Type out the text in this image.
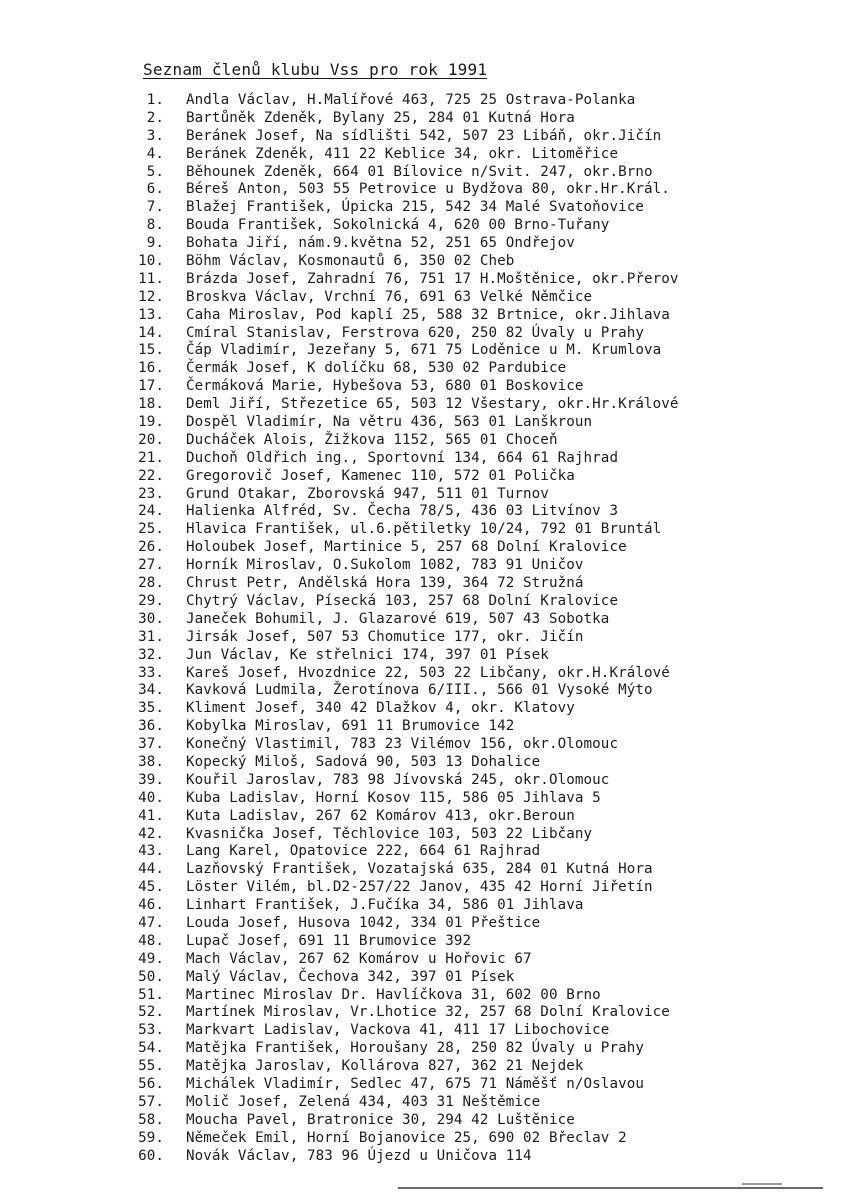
Seznam členů klubu Vss pro rok 1991
1. Andla Václav, H.Malířové 463, 725 25 Ostrava-Polanka
2. Bartůněk Zdeněk, Bylany 25, 284 01 Kutná Hora
3. Beránek Josef, Na sídlišti 542, 507 23 Libáň, okr.Jičín
4. Beránek Zdeněk, 411 22 Keblice 34, okr. Litoměřice
5. Běhounek Zdeněk, 664 01 Bílovice n/Svit. 247, okr.Brno
6. Béreš Anton, 503 55 Petrovice u Bydžova 80, okr.Hr.Král.
7. Blažej František, Úpicka 215, 542 34 Malé Svatoňovice
8. Bouda František, Sokolnická 4, 620 00 Brno-Tuřany
9. Bohata Jiří, nám.9.května 52, 251 65 Ondřejov
10. Böhm Václav, Kosmonautů 6, 350 02 Cheb
11. Brázda Josef, Zahradní 76, 751 17 H.Moštěnice, okr.Přerov
12. Broskva Václav, Vrchní 76, 691 63 Velké Němčice
13. Caha Miroslav, Pod kaplí 25, 588 32 Brtnice, okr.Jihlava
14. Cmíral Stanislav, Ferstrova 620, 250 82 Úvaly u Prahy
15. Čáp Vladimír, Jezeřany 5, 671 75 Loděnice u M. Krumlova
16. Čermák Josef, K dolíčku 68, 530 02 Pardubice
17. Čermáková Marie, Hybešova 53, 680 01 Boskovice
18. Deml Jiří, Střezetice 65, 503 12 Všestary, okr.Hr.Králové
19. Dospěl Vladimír, Na větru 436, 563 01 Lanškroun
20. Ducháček Alois, Žižkova 1152, 565 01 Choceň
21. Duchoň Oldřich ing., Sportovní 134, 664 61 Rajhrad
22. Gregorovič Josef, Kamenec 110, 572 01 Polička
23. Grund Otakar, Zborovská 947, 511 01 Turnov
24. Halienka Alfréd, Sv. Čecha 78/5, 436 03 Litvínov 3
25. Hlavica František, ul.6.pětiletky 10/24, 792 01 Bruntál
26. Holoubek Josef, Martinice 5, 257 68 Dolní Kralovice
27. Horník Miroslav, O.Sukolom 1082, 783 91 Uničov
28. Chrust Petr, Andělská Hora 139, 364 72 Stružná
29. Chytrý Václav, Písecká 103, 257 68 Dolní Kralovice
30. Janeček Bohumil, J. Glazarové 619, 507 43 Sobotka
31. Jirsák Josef, 507 53 Chomutice 177, okr. Jičín
32. Jun Václav, Ke střelnici 174, 397 01 Písek
33. Kareš Josef, Hvozdnice 22, 503 22 Libčany, okr.H.Králové
34. Kavková Ludmila, Žerotínova 6/III., 566 01 Vysoké Mýto
35. Kliment Josef, 340 42 Dlažkov 4, okr. Klatovy
36. Kobylka Miroslav, 691 11 Brumovice 142
37. Konečný Vlastimil, 783 23 Vilémov 156, okr.Olomouc
38. Kopecký Miloš, Sadová 90, 503 13 Dohalice
39. Kouřil Jaroslav, 783 98 Jívovská 245, okr.Olomouc
40. Kuba Ladislav, Horní Kosov 115, 586 05 Jihlava 5
41. Kuta Ladislav, 267 62 Komárov 413, okr.Beroun
42. Kvasnička Josef, Těchlovice 103, 503 22 Libčany
43. Lang Karel, Opatovice 222, 664 61 Rajhrad
44. Lazňovský František, Vozatajská 635, 284 01 Kutná Hora
45. Löster Vilém, bl.D2-257/22 Janov, 435 42 Horní Jiřetín
46. Linhart František, J.Fučíka 34, 586 01 Jihlava
47. Louda Josef, Husova 1042, 334 01 Přeštice
48. Lupač Josef, 691 11 Brumovice 392
49. Mach Václav, 267 62 Komárov u Hořovic 67
50. Malý Václav, Čechova 342, 397 01 Písek
51. Martinec Miroslav Dr. Havlíčkova 31, 602 00 Brno
52. Martínek Miroslav, Vr.Lhotice 32, 257 68 Dolní Kralovice
53. Markvart Ladislav, Vackova 41, 411 17 Libochovice
54. Matějka František, Horoušany 28, 250 82 Úvaly u Prahy
55. Matějka Jaroslav, Kollárova 827, 362 21 Nejdek
56. Michálek Vladimír, Sedlec 47, 675 71 Náměšť n/Oslavou
57. Molič Josef, Zelená 434, 403 31 Neštěmice
58. Moucha Pavel, Bratronice 30, 294 42 Luštěnice
59. Němeček Emil, Horní Bojanovice 25, 690 02 Břeclav 2
60. Novák Václav, 783 96 Újezd u Uničova 114
